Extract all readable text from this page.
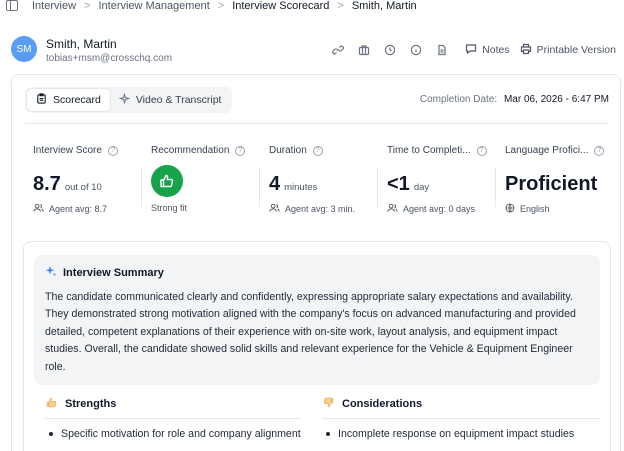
Interview > Interview Management > Interview Scorecard > Smith, Martin
SM	Smith, Martin
tobias+msm@crosschq.com
Notes	Printable Version
Scorecard	Video & Transcript	Completion Date: Mar 06, 2026 - 6:47 PM
Interview Score	?
8.7 out of 10
Agent avg: 8.7
Recommendation	?
Strong fit
Duration	?
4 minutes
Agent avg: 3 min.
Time to Completi...	?
<1 day
Agent avg: 0 days
Language Profici...	?
Proficient
English
Interview Summary
The candidate communicated clearly and confidently, expressing appropriate salary expectations and availability. They demonstrated strong motivation aligned with the company's focus on advanced manufacturing and provided detailed, competent explanations of their experience with on-site work, layout analysis, and equipment impact studies. Overall, the candidate showed solid skills and relevant experience for the Vehicle & Equipment Engineer role.
Strengths	Considerations
Specific motivation for role and company alignment	Incomplete response on equipment impact studies
